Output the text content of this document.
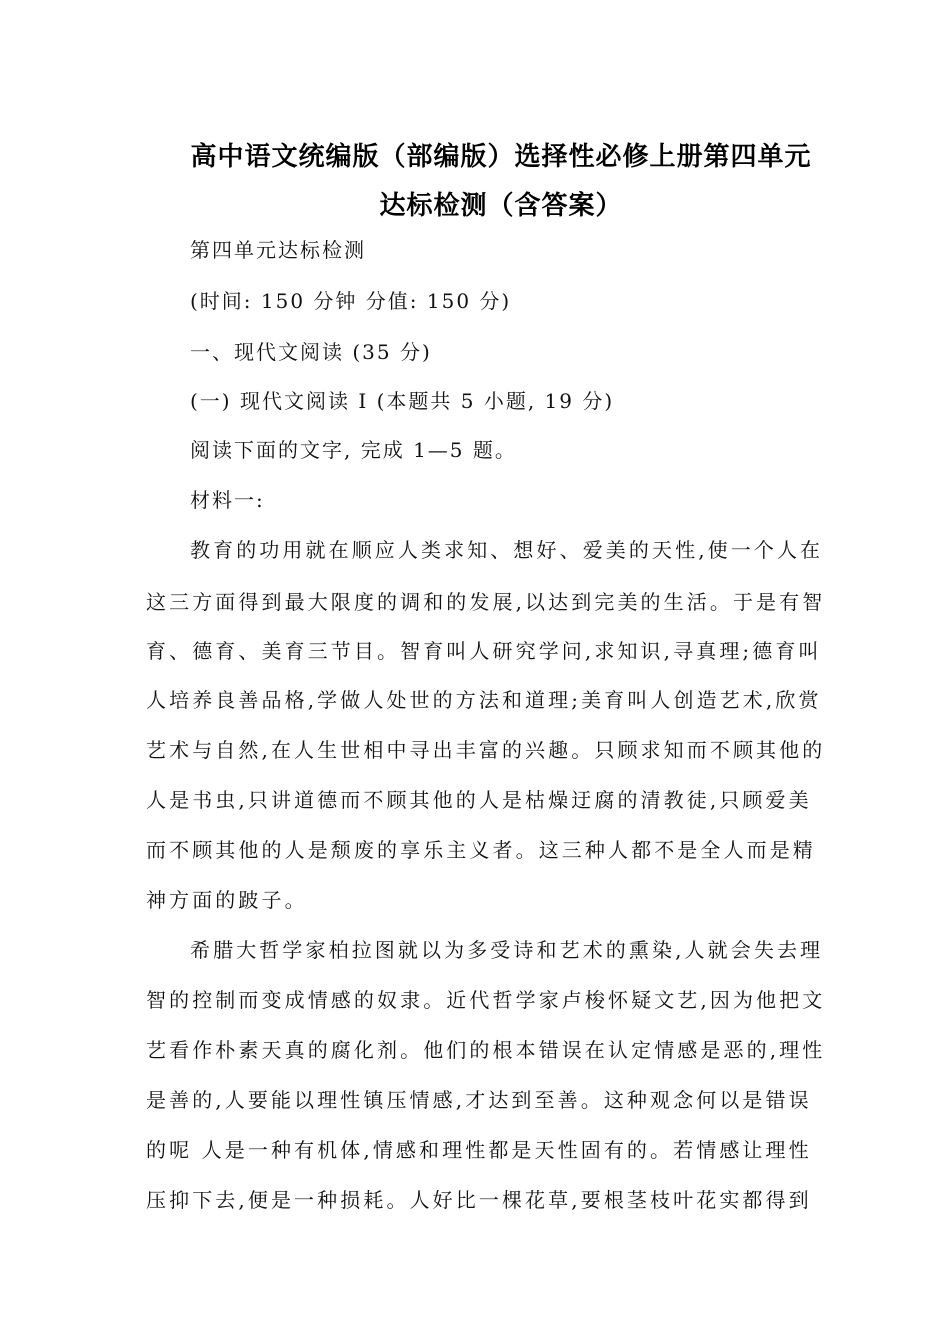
高中语文统编版（部编版）选择性必修上册第四单元
达标检测（含答案）
第四单元达标检测
(时间: 150 分钟 分值: 150 分)
一、现代文阅读 (35 分)
(一) 现代文阅读 I (本题共 5 小题, 19 分)
阅读下面的文字, 完成 1—5 题。
材料一:
教育的功用就在顺应人类求知、想好、爱美的天性,使一个人在
这三方面得到最大限度的调和的发展,以达到完美的生活。于是有智
育、德育、美育三节目。智育叫人研究学问,求知识,寻真理;德育叫
人培养良善品格,学做人处世的方法和道理;美育叫人创造艺术,欣赏
艺术与自然,在人生世相中寻出丰富的兴趣。只顾求知而不顾其他的
人是书虫,只讲道德而不顾其他的人是枯燥迂腐的清教徒,只顾爱美
而不顾其他的人是颓废的享乐主义者。这三种人都不是全人而是精
神方面的跛子。
希腊大哲学家柏拉图就以为多受诗和艺术的熏染,人就会失去理
智的控制而变成情感的奴隶。近代哲学家卢梭怀疑文艺,因为他把文
艺看作朴素天真的腐化剂。他们的根本错误在认定情感是恶的,理性
是善的,人要能以理性镇压情感,才达到至善。这种观念何以是错误
的呢 人是一种有机体,情感和理性都是天性固有的。若情感让理性
压抑下去,便是一种损耗。人好比一棵花草,要根茎枝叶花实都得到
